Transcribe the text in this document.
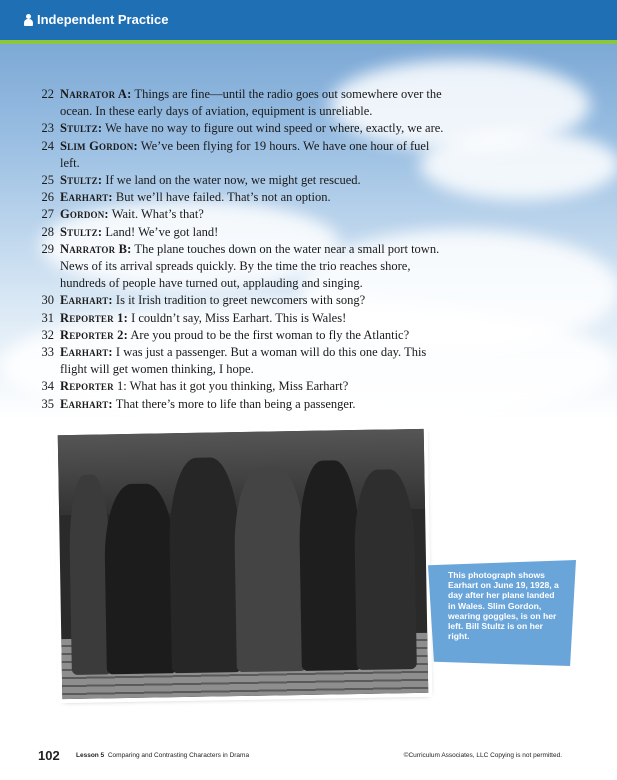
Independent Practice
22 Narrator A: Things are fine—until the radio goes out somewhere over the ocean. In these early days of aviation, equipment is unreliable.
23 Stultz: We have no way to figure out wind speed or where, exactly, we are.
24 Slim Gordon: We’ve been flying for 19 hours. We have one hour of fuel left.
25 Stultz: If we land on the water now, we might get rescued.
26 Earhart: But we’ll have failed. That’s not an option.
27 Gordon: Wait. What’s that?
28 Stultz: Land! We’ve got land!
29 Narrator B: The plane touches down on the water near a small port town. News of its arrival spreads quickly. By the time the trio reaches shore, hundreds of people have turned out, applauding and singing.
30 Earhart: Is it Irish tradition to greet newcomers with song?
31 Reporter 1: I couldn’t say, Miss Earhart. This is Wales!
32 Reporter 2: Are you proud to be the first woman to fly the Atlantic?
33 Earhart: I was just a passenger. But a woman will do this one day. This flight will get women thinking, I hope.
34 Reporter 1: What has it got you thinking, Miss Earhart?
35 Earhart: That there’s more to life than being a passenger.
This photograph shows Earhart on June 19, 1928, a day after her plane landed in Wales. Slim Gordon, wearing goggles, is on her left. Bill Stultz is on her right.
102	Lesson 5 Comparing and Contrasting Characters in Drama	©Curriculum Associates, LLC Copying is not permitted.
